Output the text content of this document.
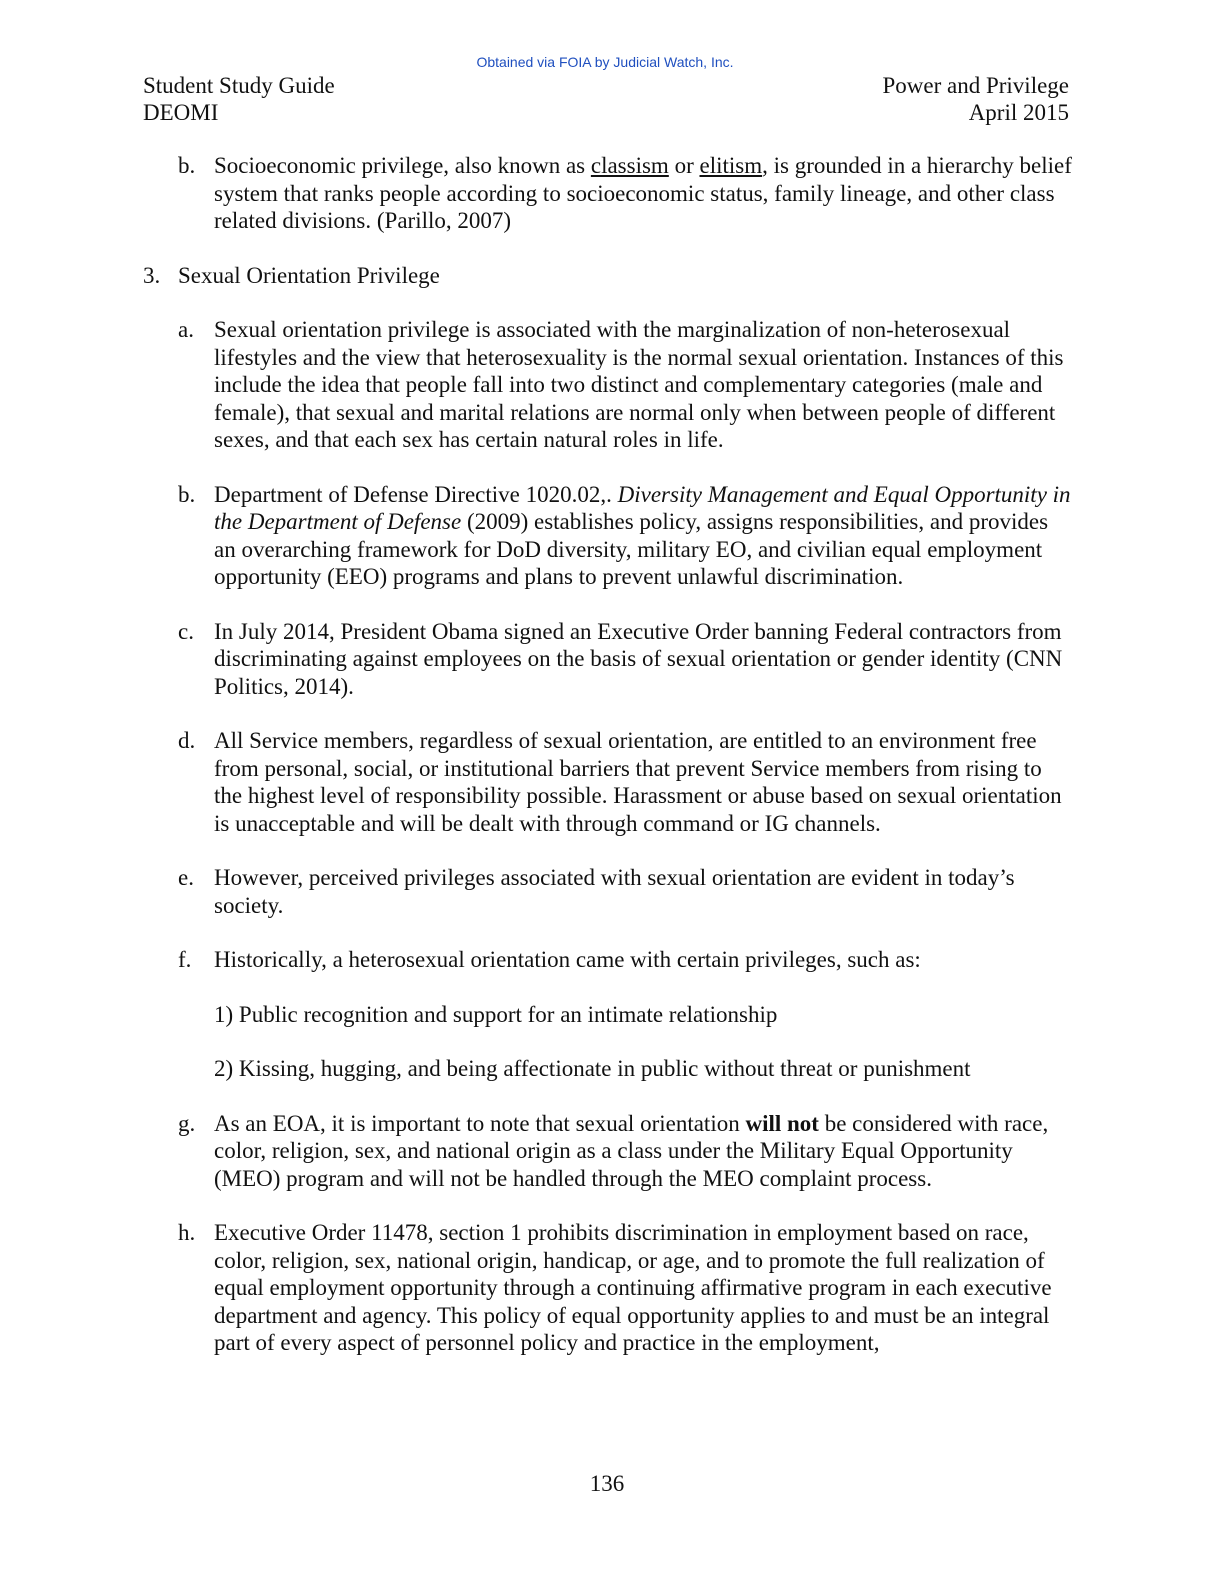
Obtained via FOIA by Judicial Watch, Inc.
Student Study Guide
DEOMI
Power and Privilege
April 2015
b. Socioeconomic privilege, also known as classism or elitism, is grounded in a hierarchy belief system that ranks people according to socioeconomic status, family lineage, and other class related divisions. (Parillo, 2007)
3. Sexual Orientation Privilege
a. Sexual orientation privilege is associated with the marginalization of non-heterosexual lifestyles and the view that heterosexuality is the normal sexual orientation. Instances of this include the idea that people fall into two distinct and complementary categories (male and female), that sexual and marital relations are normal only when between people of different sexes, and that each sex has certain natural roles in life.
b. Department of Defense Directive 1020.02,. Diversity Management and Equal Opportunity in the Department of Defense (2009) establishes policy, assigns responsibilities, and provides an overarching framework for DoD diversity, military EO, and civilian equal employment opportunity (EEO) programs and plans to prevent unlawful discrimination.
c. In July 2014, President Obama signed an Executive Order banning Federal contractors from discriminating against employees on the basis of sexual orientation or gender identity (CNN Politics, 2014).
d. All Service members, regardless of sexual orientation, are entitled to an environment free from personal, social, or institutional barriers that prevent Service members from rising to the highest level of responsibility possible. Harassment or abuse based on sexual orientation is unacceptable and will be dealt with through command or IG channels.
e. However, perceived privileges associated with sexual orientation are evident in today’s society.
f. Historically, a heterosexual orientation came with certain privileges, such as:
1) Public recognition and support for an intimate relationship
2) Kissing, hugging, and being affectionate in public without threat or punishment
g. As an EOA, it is important to note that sexual orientation will not be considered with race, color, religion, sex, and national origin as a class under the Military Equal Opportunity (MEO) program and will not be handled through the MEO complaint process.
h. Executive Order 11478, section 1 prohibits discrimination in employment based on race, color, religion, sex, national origin, handicap, or age, and to promote the full realization of equal employment opportunity through a continuing affirmative program in each executive department and agency. This policy of equal opportunity applies to and must be an integral part of every aspect of personnel policy and practice in the employment,
136
